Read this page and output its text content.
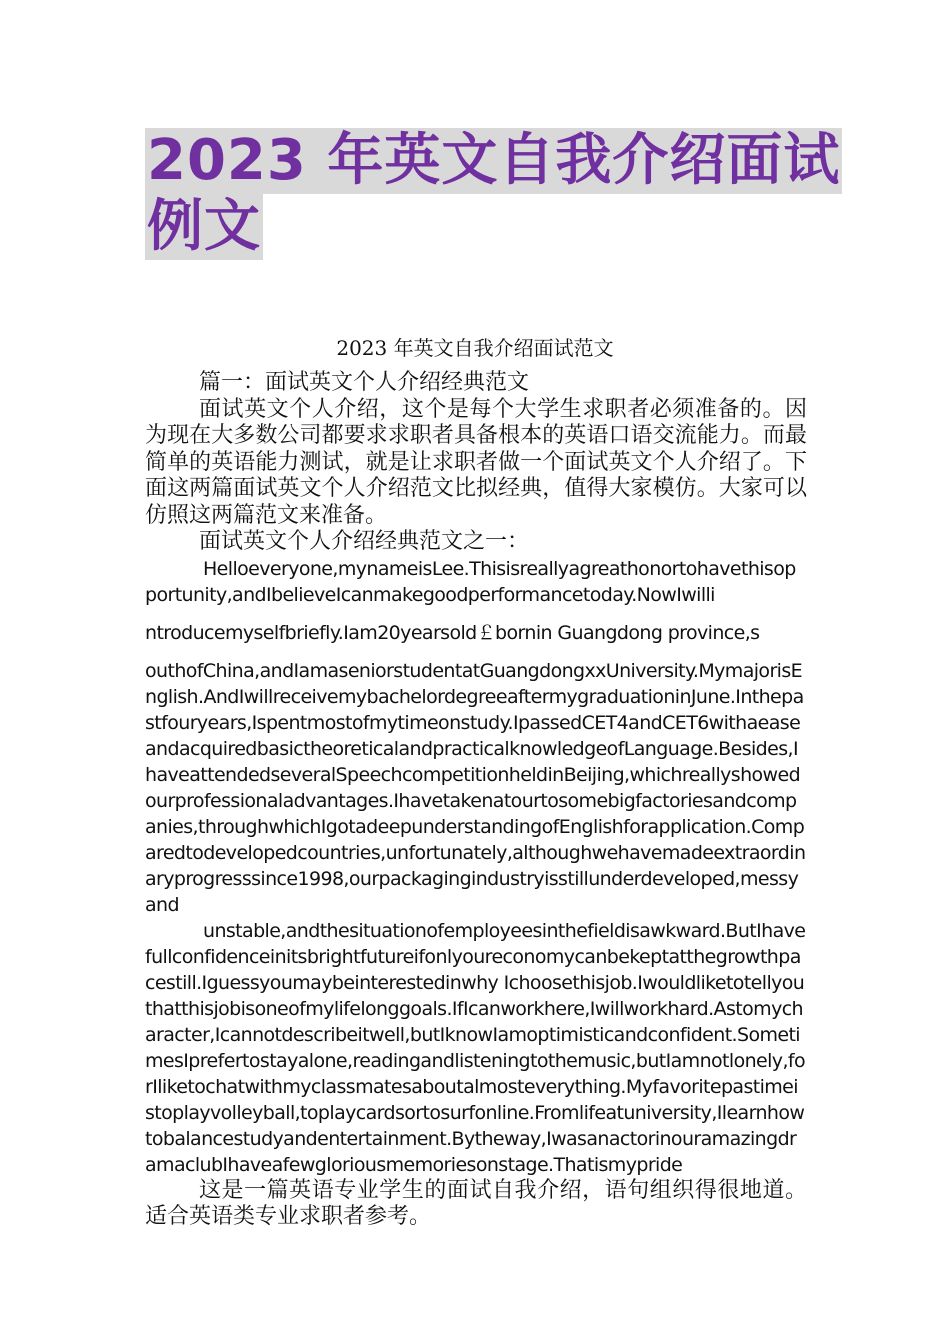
2023 年英文自我介绍面试
例文
2023 年英文自我介绍面试范文

篇一：面试英文个人介绍经典范文

面试英文个人介绍，这个是每个大学生求职者必须准备的。因为现在大多数公司都要求求职者具备根本的英语口语交流能力。而最简单的英语能力测试，就是让求职者做一个面试英文个人介绍了。下面这两篇面试英文个人介绍范文比拟经典，值得大家模仿。大家可以仿照这两篇范文来准备。

面试英文个人介绍经典范文之一：

Helloeveryone,mynameisLee.Thisisreallyagreathonortohavethisopportunity,andIbelieveIcanmakegoodperformancetoday.NowIwilli

ntroducemyselfbriefly.Iam20yearsold￡bornin Guangdong province,s

outhofChina,andIamaseniorstudentatGuangdongxxUniversity.MymajorisEnglish.AndIwillreceivemybachelordegreeaftermygraduationinJune.Inthepastfouryears,Ispentmostofmytimeonstudy.IpassedCET4andCET6withaeaseandacquiredbasictheoreticalandpracticalknowledgeofLanguage.Besides,IhaveattendedseveralSpeechcompetitionheldinBeijing,whichreallyshowedourprofessionaladvantages.Ihavetakenatourtosomebigfactoriesandcompanies,throughwhichIgotadeepunderstandingofEnglishforapplication.Comparedtodevelopedcountries,unfortunately,althoughwehavemadeextraordinaryprogresssince1998,ourpackagingindustryisstillunderdeveloped,messyand

unstable,andthesituationofemployeesinthefieldisawkward.ButIhavefullconfidenceinitsbrightfutureifonlyoureconomycanbekeptatthegrowthpacestill.Iguessyoumaybeinterestedinwhy Ichoosethisjob.Iwouldliketotellyouthatthisjobisoneofmylifelonggoals.IfIcanworkhere,Iwillworkhard.Astomycharacter,Icannotdescribeitwell,butIknowIamoptimisticandconfident.SometimesIprefertostayalone,readingandlisteningtothemusic,butIamnotlonely,forIliketochatwithmyclassmatesaboutalmosteverything.Myfavoritepastimeistoplayvolleyball,toplaycardsortosurfonline.Fromlifeatuniversity,Ilearnhowtobalancestudyandentertainment.Bytheway,IwasanactorinouramazingdramaclubIhaveafewgloriousmemoriesonstage.Thatismypride

这是一篇英语专业学生的面试自我介绍，语句组织得很地道。适合英语类专业求职者参考。
